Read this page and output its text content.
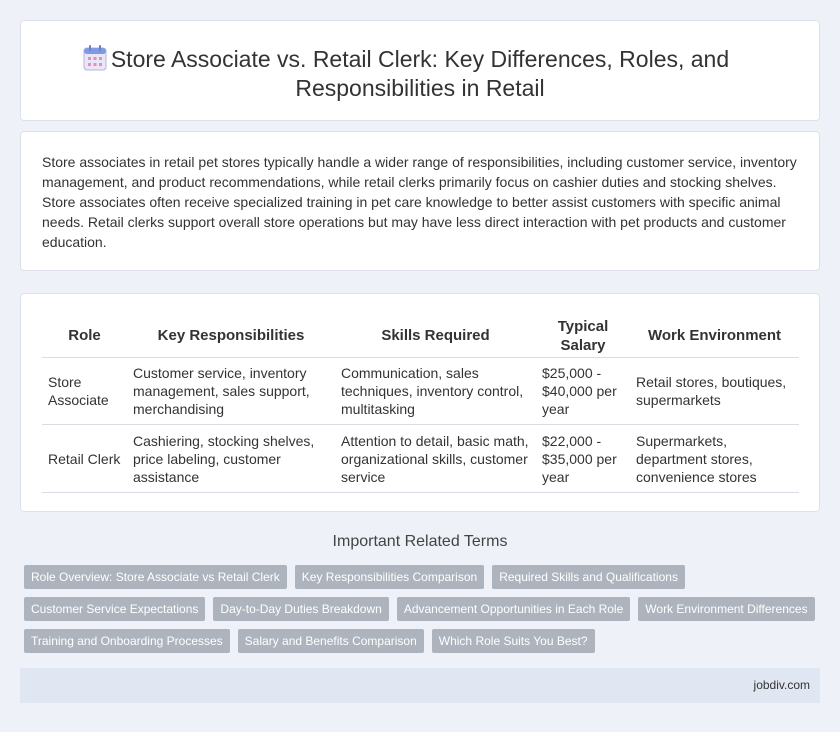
Store Associate vs. Retail Clerk: Key Differences, Roles, and
Responsibilities in Retail

Store associates in retail pet stores typically handle a wider range of responsibilities, including customer service, inventory management, and product recommendations, while retail clerks primarily focus on cashier duties and stocking shelves. Store associates often receive specialized training in pet care knowledge to better assist customers with specific animal needs. Retail clerks support overall store operations but may have less direct interaction with pet products and customer education.

Role	Key Responsibilities	Skills Required	Typical Salary	Work Environment
Store Associate	Customer service, inventory management, sales support, merchandising	Communication, sales techniques, inventory control, multitasking	$25,000 - $40,000 per year	Retail stores, boutiques, supermarkets
Retail Clerk	Cashiering, stocking shelves, price labeling, customer assistance	Attention to detail, basic math, organizational skills, customer service	$22,000 - $35,000 per year	Supermarkets, department stores, convenience stores
Important Related Terms
Role Overview: Store Associate vs Retail Clerk	Key Responsibilities Comparison	Required Skills and Qualifications
Customer Service Expectations	Day-to-Day Duties Breakdown	Advancement Opportunities in Each Role	Work Environment Differences
Training and Onboarding Processes	Salary and Benefits Comparison	Which Role Suits You Best?
jobdiv.com
